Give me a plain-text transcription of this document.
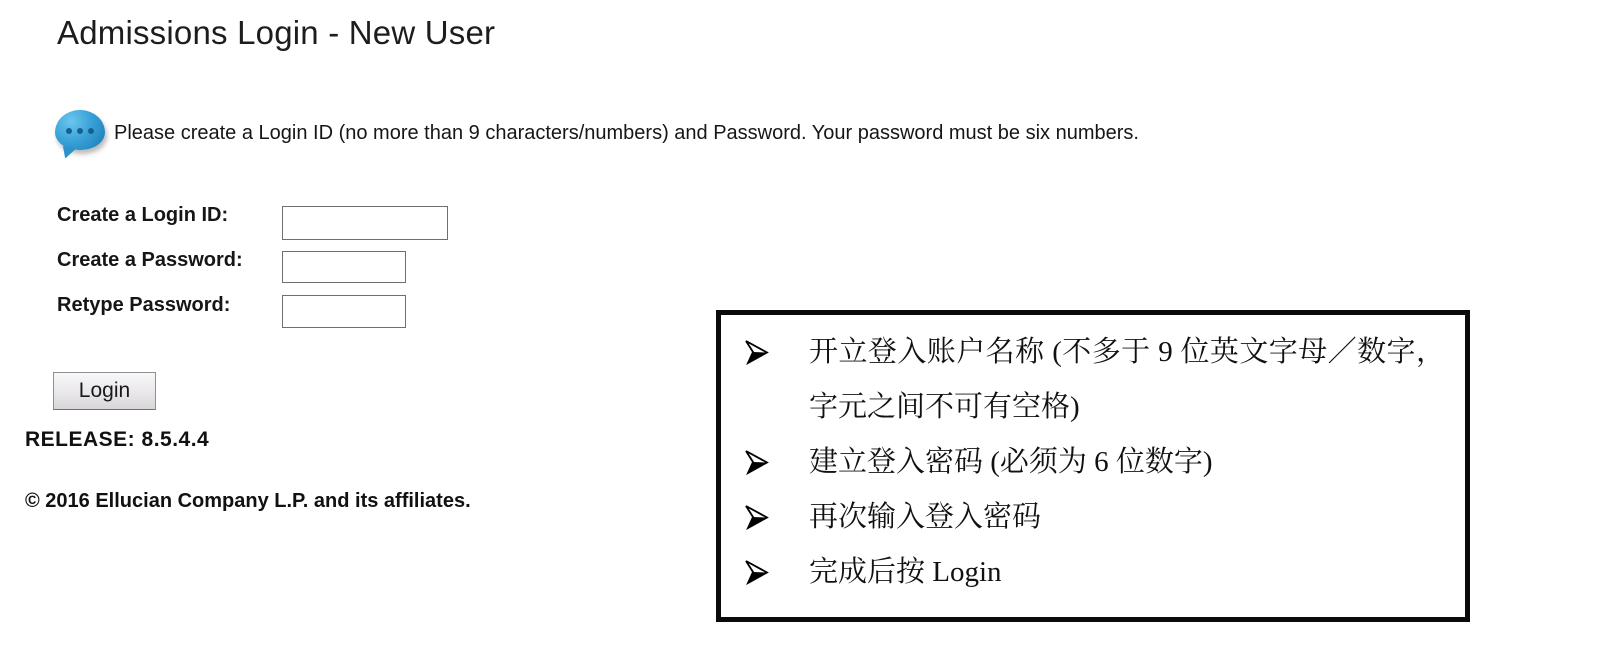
Admissions Login - New User
Please create a Login ID (no more than 9 characters/numbers) and Password. Your password must be six numbers.
Create a Login ID:
Create a Password:
Retype Password:
Login
RELEASE: 8.5.4.4
© 2016 Ellucian Company L.P. and its affiliates.
开立登入账户名称 (不多于 9 位英文字母／数字，字元之间不可有空格)
建立登入密码 (必须为 6 位数字)
再次输入登入密码
完成后按 Login
